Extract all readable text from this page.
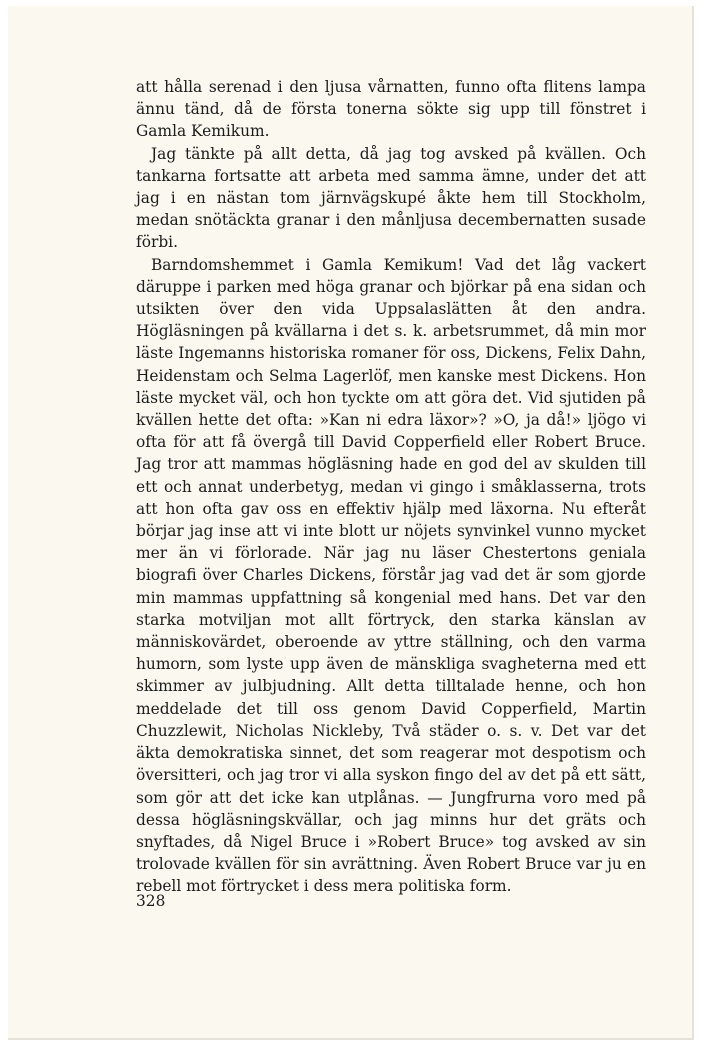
att hålla serenad i den ljusa vårnatten, funno ofta flitens lampa ännu tänd, då de första tonerna sökte sig upp till fönstret i Gamla Kemikum.

Jag tänkte på allt detta, då jag tog avsked på kvällen. Och tankarna fortsatte att arbeta med samma ämne, under det att jag i en nästan tom järnvägskupé åkte hem till Stockholm, medan snötäckta granar i den månljusa decembernatten susade förbi.

Barndomshemmet i Gamla Kemikum! Vad det låg vackert däruppe i parken med höga granar och björkar på ena sidan och utsikten över den vida Uppsalaslätten åt den andra. Högläsningen på kvällarna i det s. k. arbetsrummet, då min mor läste Ingemanns historiska romaner för oss, Dickens, Felix Dahn, Heidenstam och Selma Lagerlöf, men kanske mest Dickens. Hon läste mycket väl, och hon tyckte om att göra det. Vid sjutiden på kvällen hette det ofta: »Kan ni edra läxor»? »O, ja då!» ljögo vi ofta för att få övergå till David Copperfield eller Robert Bruce. Jag tror att mammas högläsning hade en god del av skulden till ett och annat underbetyg, medan vi gingo i småklasserna, trots att hon ofta gav oss en effektiv hjälp med läxorna. Nu efteråt börjar jag inse att vi inte blott ur nöjets synvinkel vunno mycket mer än vi förlorade. När jag nu läser Chestertons geniala biografi över Charles Dickens, förstår jag vad det är som gjorde min mammas uppfattning så kongenial med hans. Det var den starka motviljan mot allt förtryck, den starka känslan av människovärdet, oberoende av yttre ställning, och den varma humorn, som lyste upp även de mänskliga svagheterna med ett skimmer av julbjudning. Allt detta tilltalade henne, och hon meddelade det till oss genom David Copperfield, Martin Chuzzlewit, Nicholas Nickleby, Två städer o. s. v. Det var det äkta demokratiska sinnet, det som reagerar mot despotism och översitteri, och jag tror vi alla syskon fingo del av det på ett sätt, som gör att det icke kan utplånas. — Jungfrurna voro med på dessa högläsningskvällar, och jag minns hur det gräts och snyftades, då Nigel Bruce i »Robert Bruce» tog avsked av sin trolovade kvällen för sin avrättning. Även Robert Bruce var ju en rebell mot förtrycket i dess mera politiska form.

328
